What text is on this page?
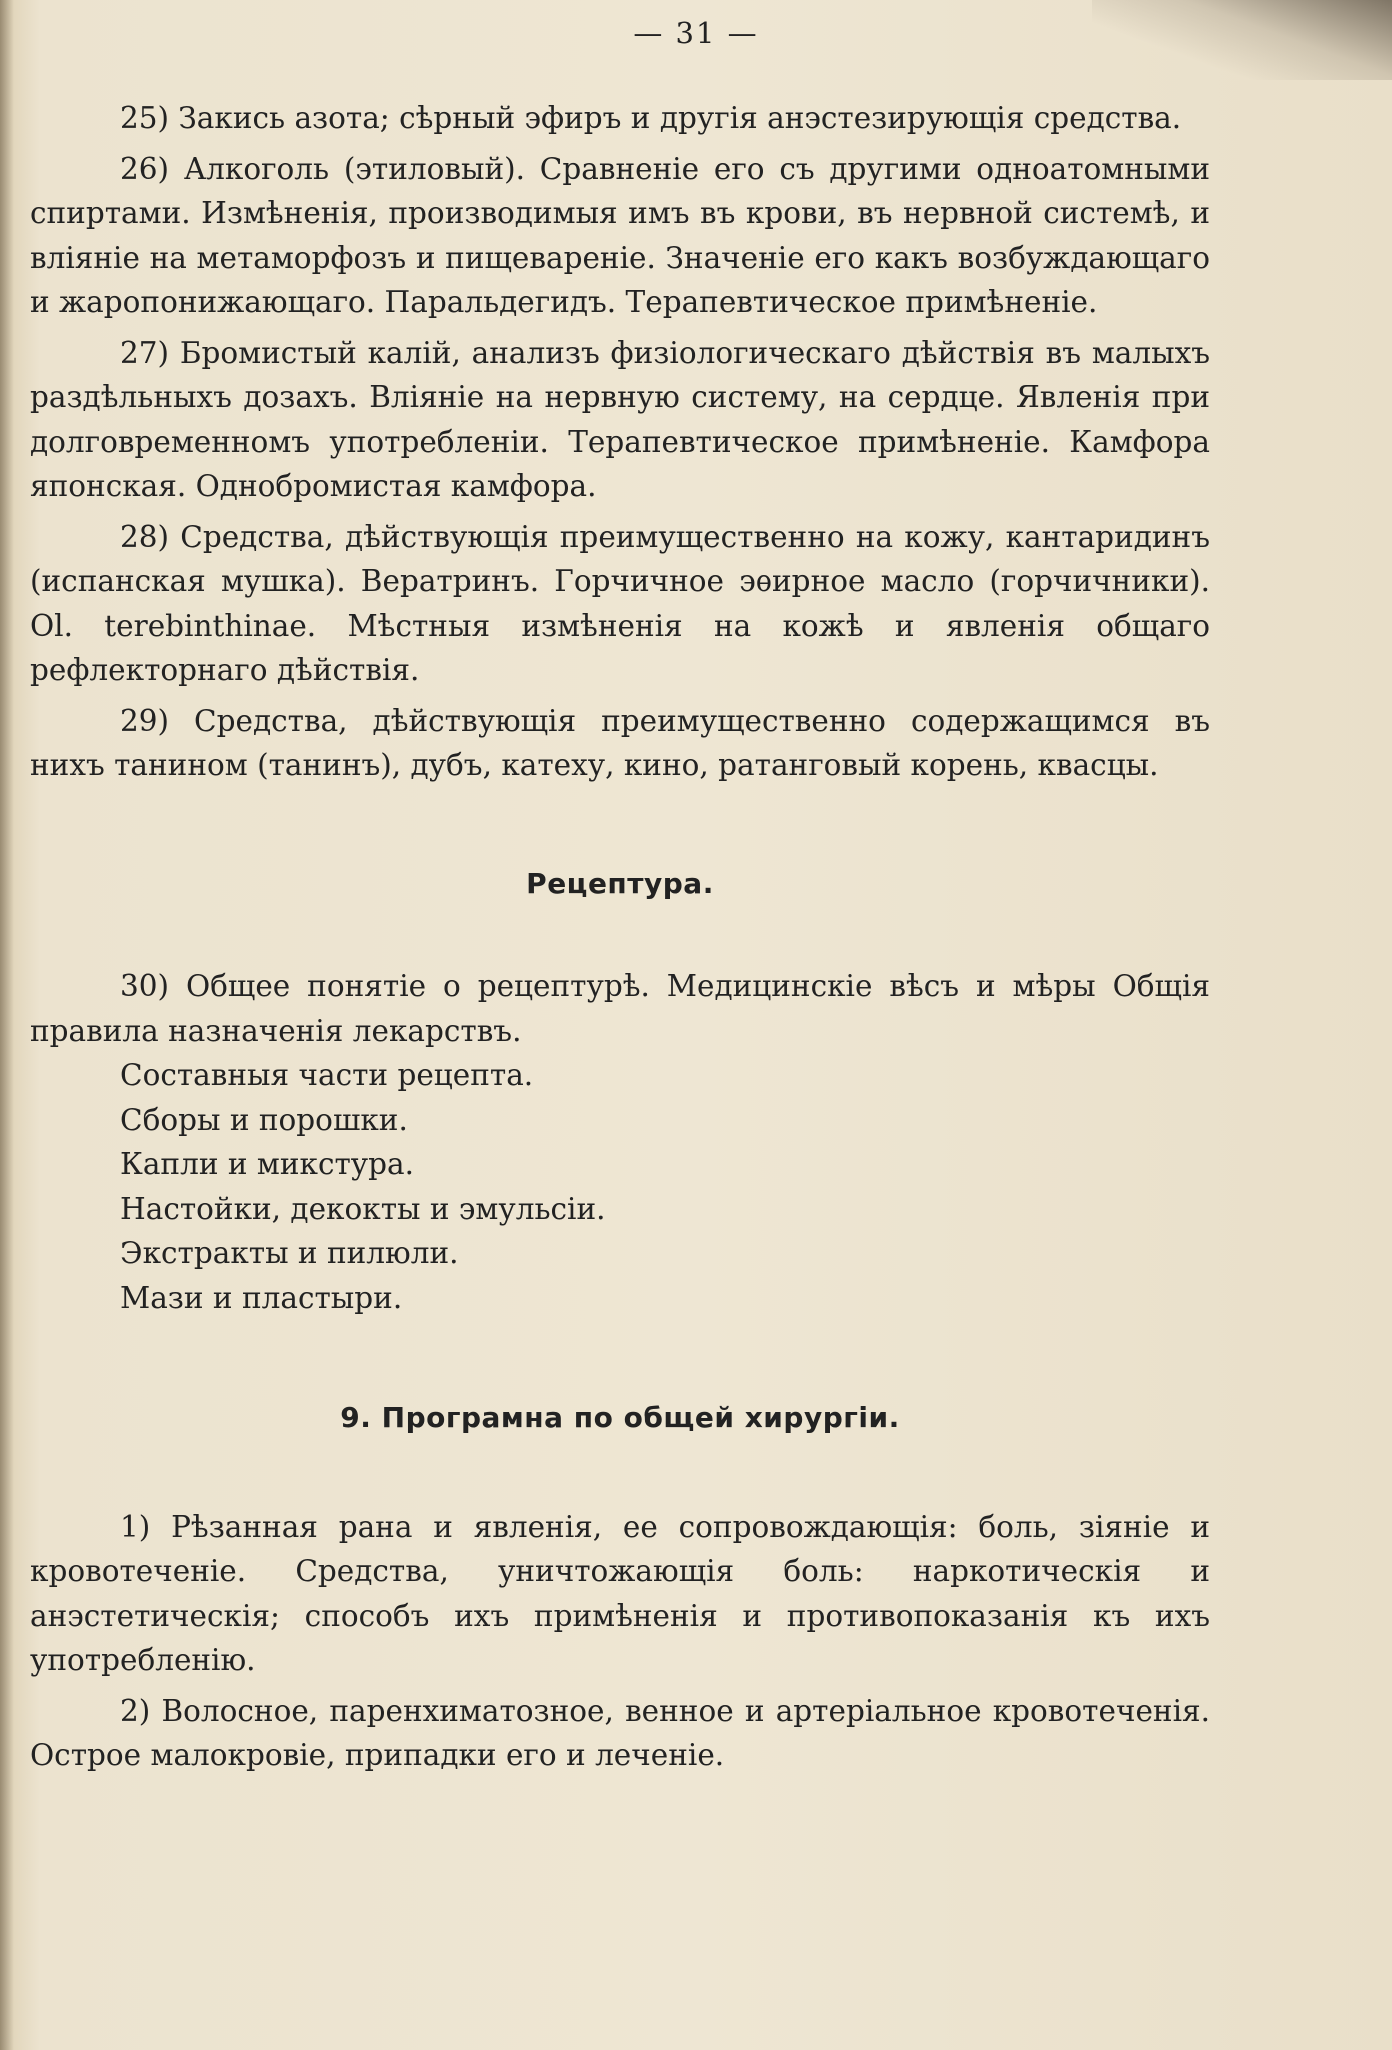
— 31 —

25) Закись азота; сѣрный эфиръ и другія анэстезирующія средства.

26) Алкоголь (этиловый). Сравненіе его съ другими одноатомными спиртами. Измѣненія, производимыя имъ въ крови, въ нервной системѣ, и вліяніе на метаморфозъ и пищевареніе. Значеніе его какъ возбуждающаго и жаропонижающаго. Паральдегидъ. Терапевтическое примѣненіе.

27) Бромистый калій, анализъ физіологическаго дѣйствія въ малыхъ раздѣльныхъ дозахъ. Вліяніе на нервную систему, на сердце. Явленія при долговременномъ употребленіи. Терапевтическое примѣненіе. Камфора японская. Однобромистая камфора.

28) Средства, дѣйствующія преимущественно на кожу, кантаридинъ (испанская мушка). Вератринъ. Горчичное эѳирное масло (горчичники). Ol. terebinthinae. Мѣстныя измѣненія на кожѣ и явленія общаго рефлекторнаго дѣйствія.

29) Средства, дѣйствующія преимущественно содержащимся въ нихъ танином (танинъ), дубъ, катеху, кино, ратанговый корень, квасцы.

Рецептура.

30) Общее понятіе о рецептурѣ. Медицинскіе вѣсъ и мѣры Общія правила назначенія лекарствъ.

Составныя части рецепта.
Сборы и порошки.
Капли и микстура.
Настойки, декокты и эмульсіи.
Экстракты и пилюли.
Мази и пластыри.
9. Програмна по общей хирургіи.

1) Рѣзанная рана и явленія, ее сопровождающія: боль, зіяніе и кровотеченіе. Средства, уничтожающія боль: наркотическія и анэстетическія; способъ ихъ примѣненія и противопоказанія къ ихъ употребленію.

2) Волосное, паренхиматозное, венное и артеріальное кровотеченія. Острое малокровіе, припадки его и леченіе.
